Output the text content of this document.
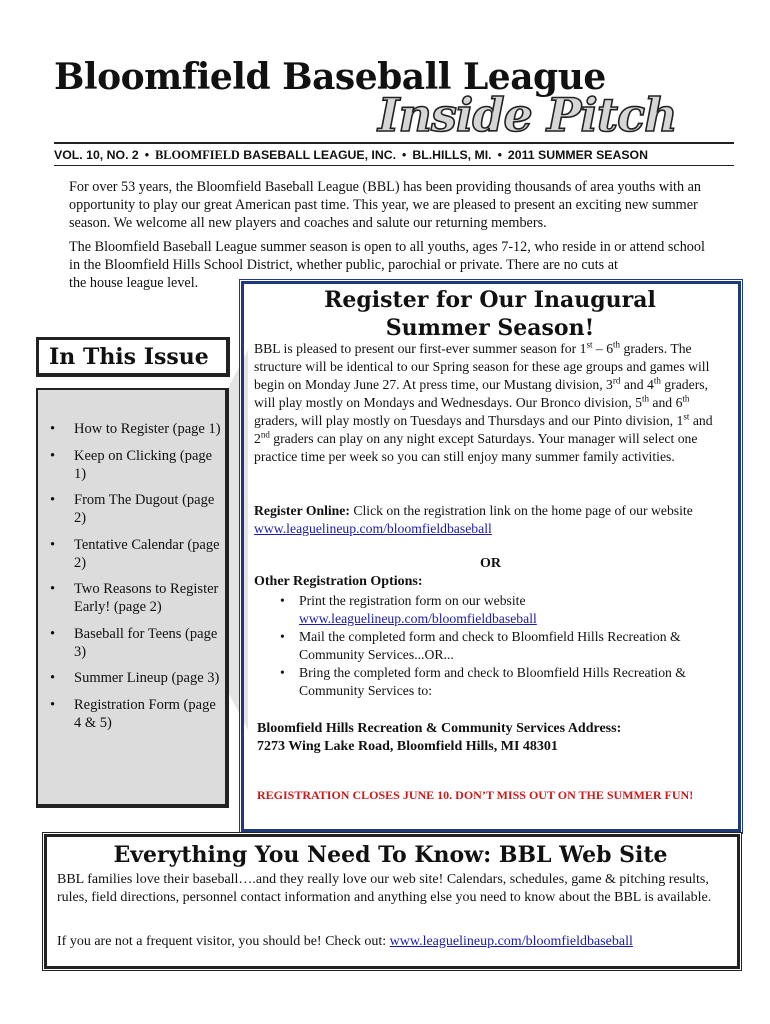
Bloomfield Baseball League
Inside Pitch
VOL. 10, NO. 2 • BLOOMFIELD BASEBALL LEAGUE, INC. • BL.HILLS, MI. • 2011 SUMMER SEASON

For over 53 years, the Bloomfield Baseball League (BBL) has been providing thousands of area youths with an opportunity to play our great American past time. This year, we are pleased to present an exciting new summer season. We welcome all new players and coaches and salute our returning members.

The Bloomfield Baseball League summer season is open to all youths, ages 7-12, who reside in or attend school in the Bloomfield Hills School District, whether public, parochial or private. There are no cuts at
the house league level.

In This Issue
• How to Register (page 1)
• Keep on Clicking (page 1)
• From The Dugout (page 2)
• Tentative Calendar (page 2)
• Two Reasons to Register Early! (page 2)
• Baseball for Teens (page 3)
• Summer Lineup (page 3)
• Registration Form (page 4 & 5)
Register for Our Inaugural Summer Season!
BBL is pleased to present our first-ever summer season for 1st – 6th graders. The structure will be identical to our Spring season for these age groups and games will begin on Monday June 27. At press time, our Mustang division, 3rd and 4th graders, will play mostly on Mondays and Wednesdays. Our Bronco division, 5th and 6th graders, will play mostly on Tuesdays and Thursdays and our Pinto division, 1st and 2nd graders can play on any night except Saturdays. Your manager will select one practice time per week so you can still enjoy many summer family activities.
Register Online: Click on the registration link on the home page of our website www.leaguelineup.com/bloomfieldbaseball
OR
Other Registration Options:
• Print the registration form on our website
www.leaguelineup.com/bloomfieldbaseball
• Mail the completed form and check to Bloomfield Hills Recreation & Community Services...OR...
• Bring the completed form and check to Bloomfield Hills Recreation & Community Services to:
Bloomfield Hills Recreation & Community Services Address:
7273 Wing Lake Road, Bloomfield Hills, MI 48301
REGISTRATION CLOSES JUNE 10. DON’T MISS OUT ON THE SUMMER FUN!
Everything You Need To Know: BBL Web Site

BBL families love their baseball….and they really love our web site! Calendars, schedules, game & pitching results, rules, field directions, personnel contact information and anything else you need to know about the BBL is available.

If you are not a frequent visitor, you should be! Check out: www.leaguelineup.com/bloomfieldbaseball
